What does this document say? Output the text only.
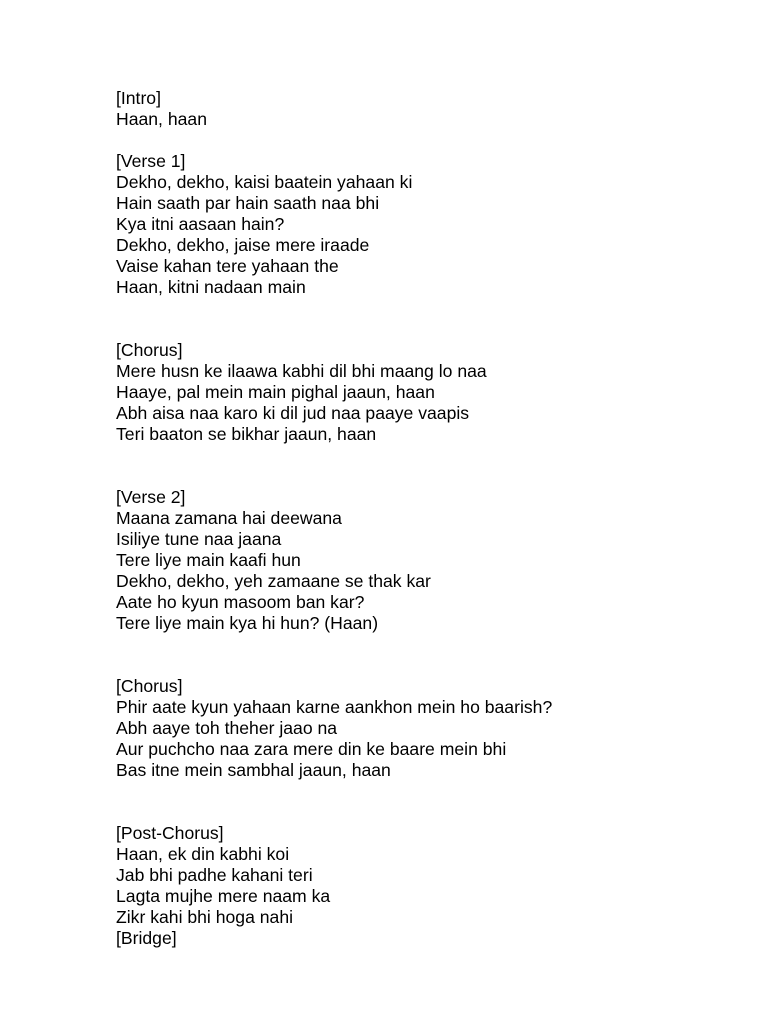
[Intro]
Haan, haan
[Verse 1]
Dekho, dekho, kaisi baatein yahaan ki
Hain saath par hain saath naa bhi
Kya itni aasaan hain?
Dekho, dekho, jaise mere iraade
Vaise kahan tere yahaan the
Haan, kitni nadaan main
[Chorus]
Mere husn ke ilaawa kabhi dil bhi maang lo naa
Haaye, pal mein main pighal jaaun, haan
Abh aisa naa karo ki dil jud naa paaye vaapis
Teri baaton se bikhar jaaun, haan
[Verse 2]
Maana zamana hai deewana
Isiliye tune naa jaana
Tere liye main kaafi hun
Dekho, dekho, yeh zamaane se thak kar
Aate ho kyun masoom ban kar?
Tere liye main kya hi hun? (Haan)
[Chorus]
Phir aate kyun yahaan karne aankhon mein ho baarish?
Abh aaye toh theher jaao na
Aur puchcho naa zara mere din ke baare mein bhi
Bas itne mein sambhal jaaun, haan
[Post-Chorus]
Haan, ek din kabhi koi
Jab bhi padhe kahani teri
Lagta mujhe mere naam ka
Zikr kahi bhi hoga nahi
[Bridge]
